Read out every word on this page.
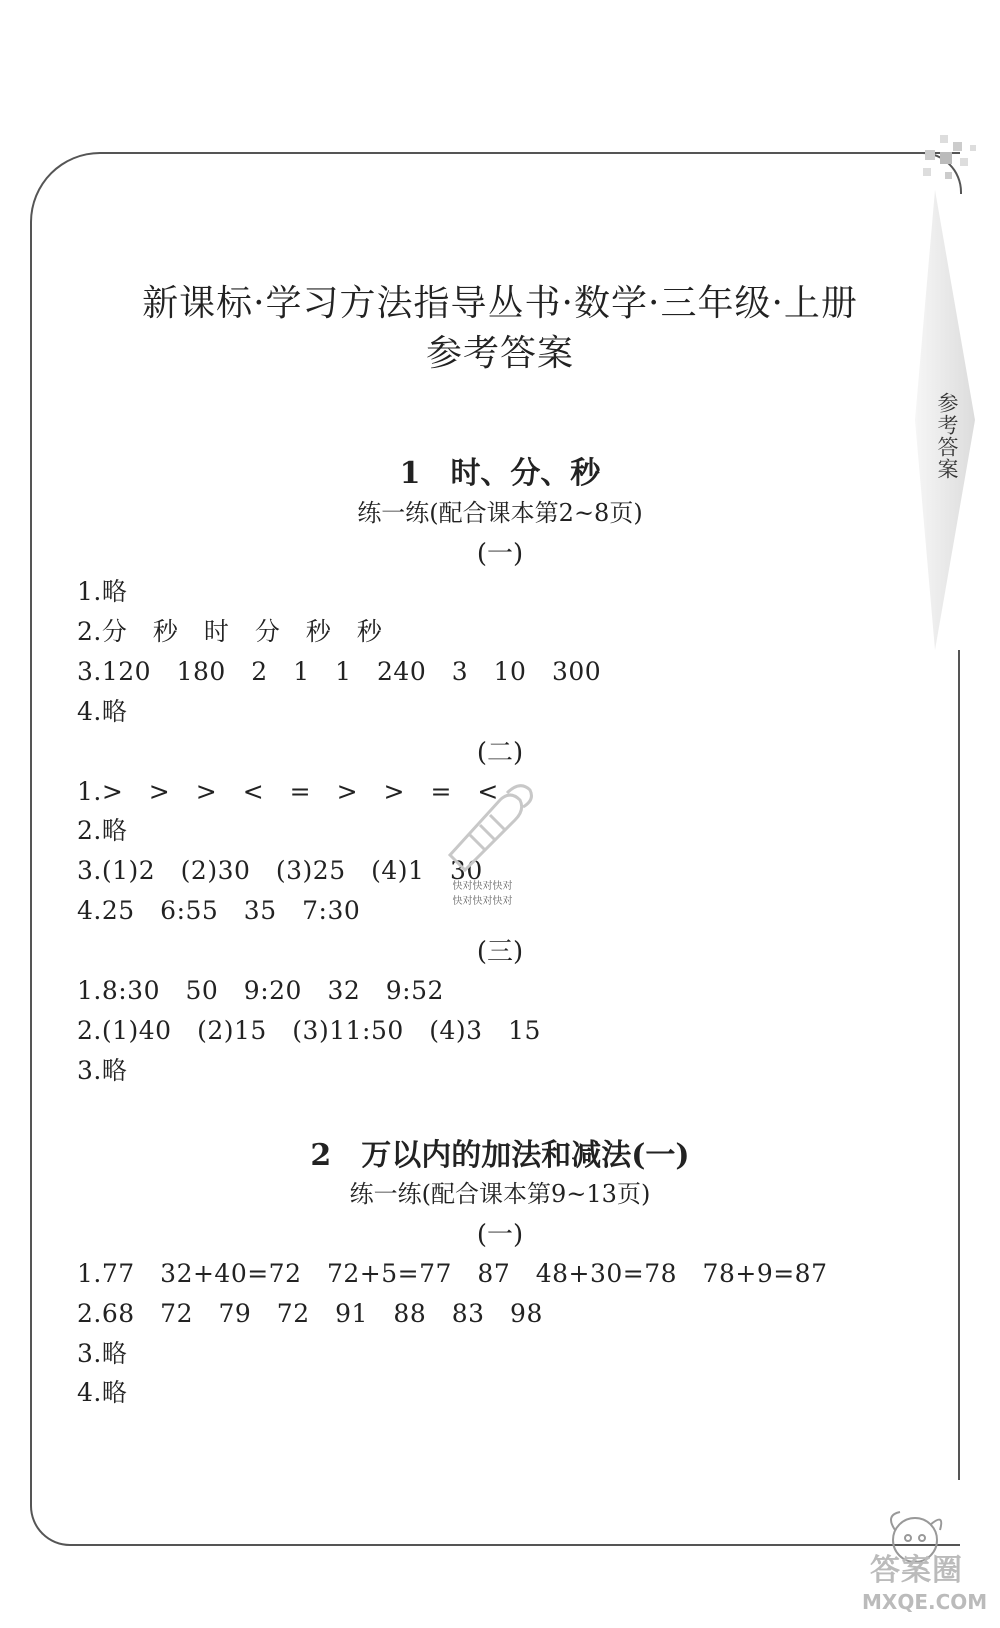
参考答案
新课标·学习方法指导丛书·数学·三年级·上册
参考答案
1 时、分、秒
练一练(配合课本第2~8页)
(一)
1.略
2.分　秒　时　分　秒　秒
3.120　180　2　1　1　240　3　10　300
4.略
(二)
1.>　>　>　<　=　>　>　=　<
2.略
3.(1)2　(2)30　(3)25　(4)1　30
4.25　6:55　35　7:30
(三)
1.8:30　50　9:20　32　9:52
2.(1)40　(2)15　(3)11:50　(4)3　15
3.略
2 万以内的加法和减法(一)
练一练(配合课本第9~13页)
(一)
1.77　32+40=72　72+5=77　87　48+30=78　78+9=87
2.68　72　79　72　91　88　83　98
3.略
4.略
快对快对快对
快对快对快对
答案圈
MXQE.COM
